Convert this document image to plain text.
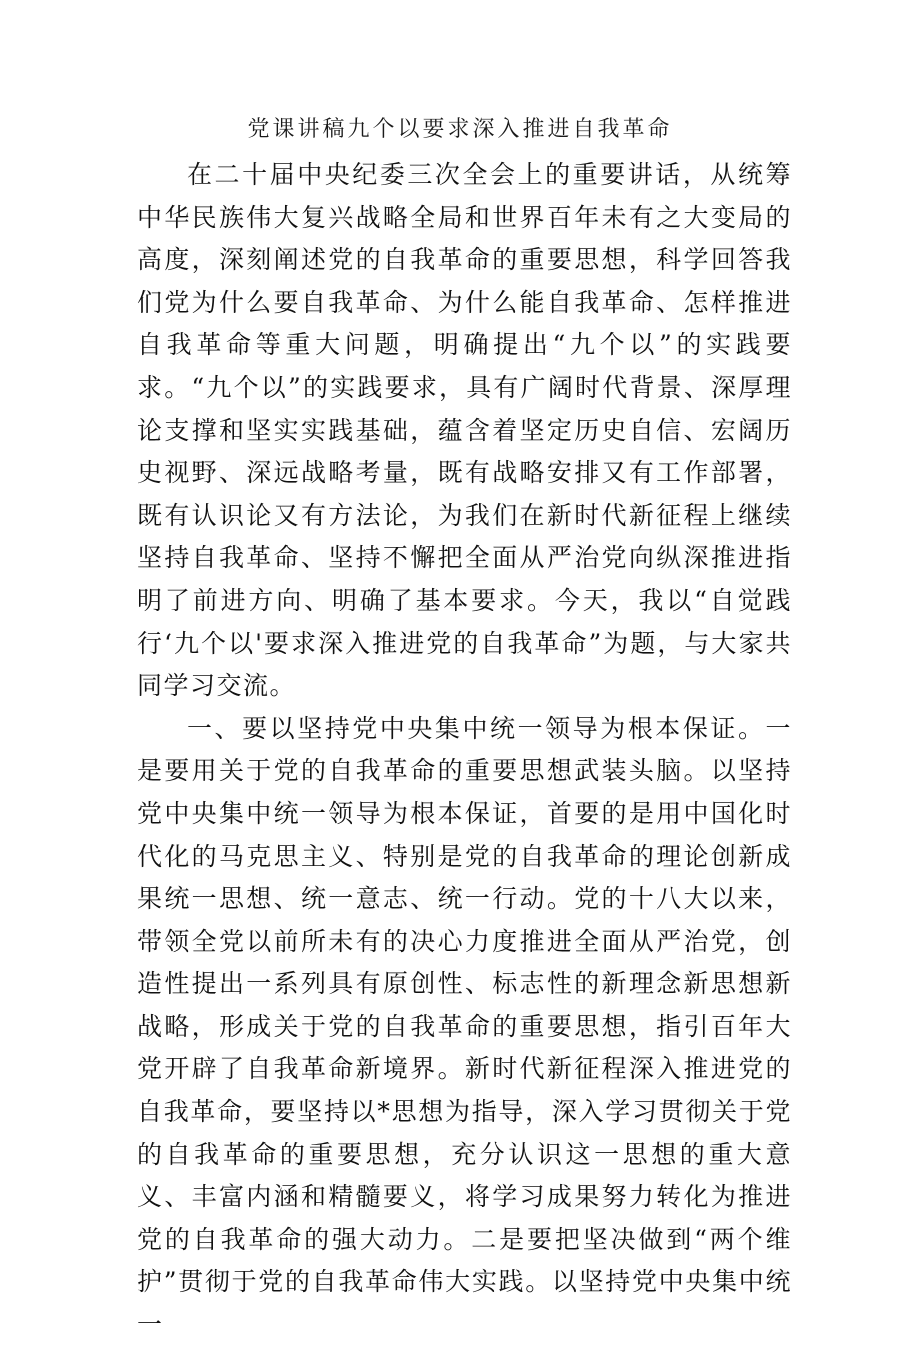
党课讲稿九个以要求深入推进自我革命

在二十届中央纪委三次全会上的重要讲话，从统筹中华民族伟大复兴战略全局和世界百年未有之大变局的高度，深刻阐述党的自我革命的重要思想，科学回答我们党为什么要自我革命、为什么能自我革命、怎样推进自我革命等重大问题，明确提出“九个以”的实践要求。“九个以”的实践要求，具有广阔时代背景、深厚理论支撑和坚实实践基础，蕴含着坚定历史自信、宏阔历史视野、深远战略考量，既有战略安排又有工作部署，既有认识论又有方法论，为我们在新时代新征程上继续坚持自我革命、坚持不懈把全面从严治党向纵深推进指明了前进方向、明确了基本要求。今天，我以“自觉践行‘九个以'要求深入推进党的自我革命”为题，与大家共同学习交流。

一、要以坚持党中央集中统一领导为根本保证。一是要用关于党的自我革命的重要思想武装头脑。以坚持党中央集中统一领导为根本保证，首要的是用中国化时代化的马克思主义、特别是党的自我革命的理论创新成果统一思想、统一意志、统一行动。党的十八大以来，带领全党以前所未有的决心力度推进全面从严治党，创造性提出一系列具有原创性、标志性的新理念新思想新战略，形成关于党的自我革命的重要思想，指引百年大党开辟了自我革命新境界。新时代新征程深入推进党的自我革命，要坚持以*思想为指导，深入学习贯彻关于党的自我革命的重要思想，充分认识这一思想的重大意义、丰富内涵和精髓要义，将学习成果努力转化为推进党的自我革命的强大动力。二是要把坚决做到“两个维护”贯彻于党的自我革命伟大实践。以坚持党中央集中统一
